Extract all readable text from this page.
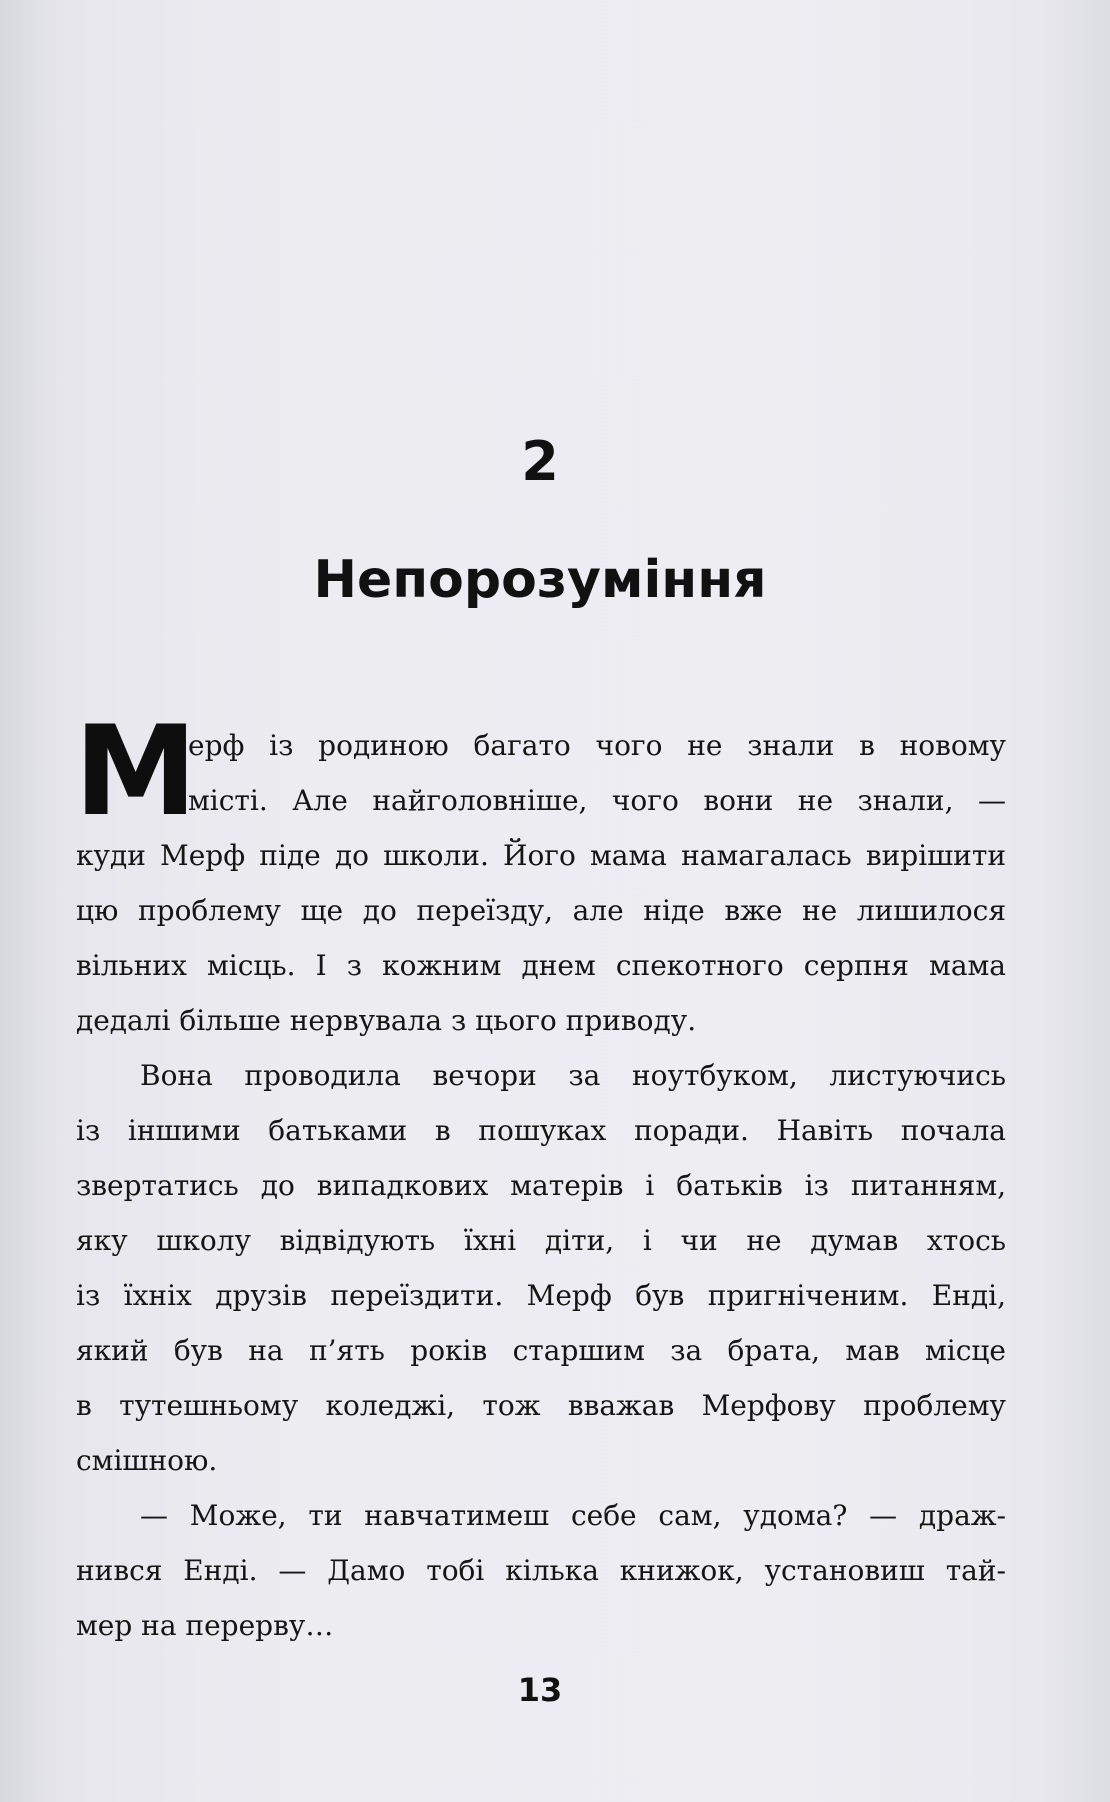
2
Непорозуміння
М
ерф із родиною багато чого не знали в новому
місті. Але найголовніше, чого вони не знали, —
куди Мерф піде до школи. Його мама намагалась вирішити
цю проблему ще до переїзду, але ніде вже не лишилося
вільних місць. І з кожним днем спекотного серпня мама
дедалі більше нервувала з цього приводу.
Вона проводила вечори за ноутбуком, листуючись
із іншими батьками в пошуках поради. Навіть почала
звертатись до випадкових матерів і батьків із питанням,
яку школу відвідують їхні діти, і чи не думав хтось
із їхніх друзів переїздити. Мерф був пригніченим. Енді,
який був на п’ять років старшим за брата, мав місце
в тутешньому коледжі, тож вважав Мерфову проблему
смішною.
— Може, ти навчатимеш себе сам, удома? — драж-
нився Енді. — Дамо тобі кілька книжок, установиш тай-
мер на перерву…
13
